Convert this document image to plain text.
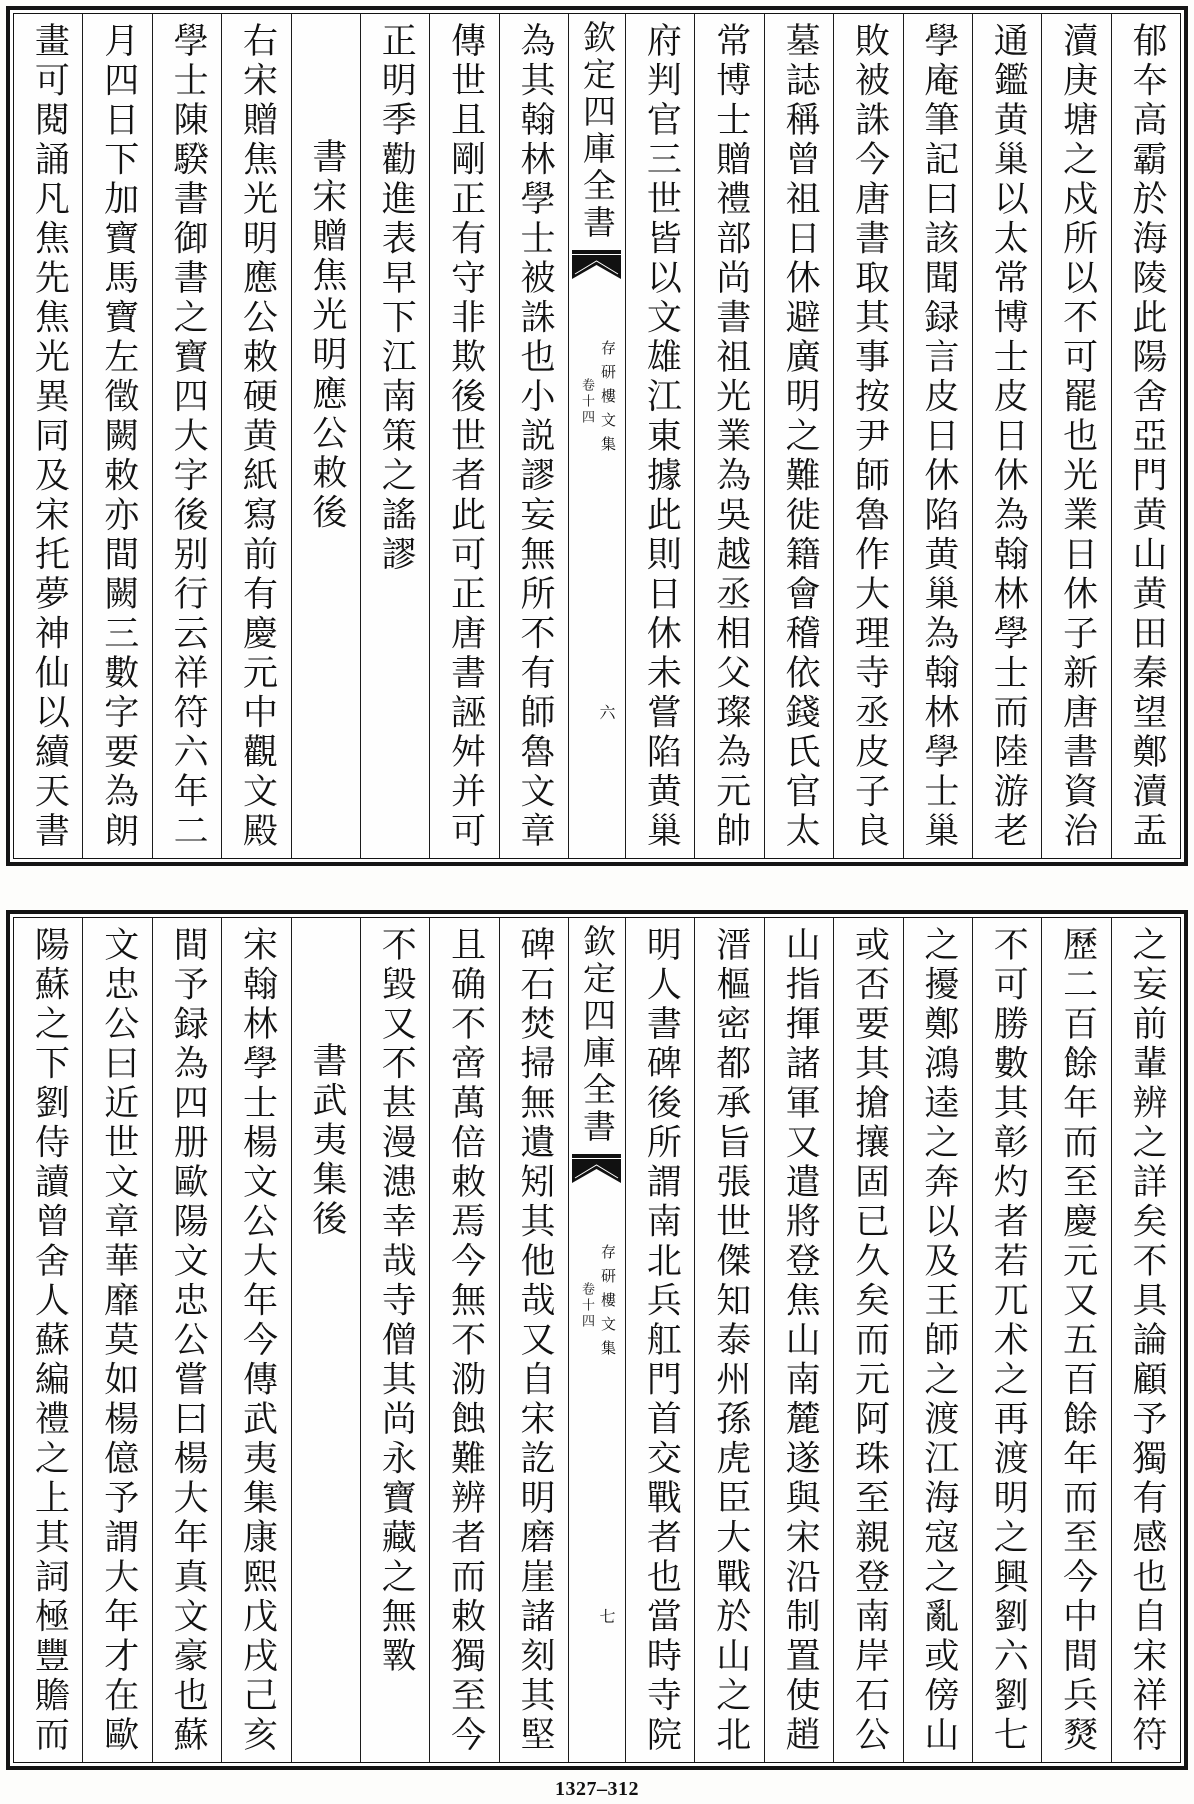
郁夲高霸於海陵此陽舍亞門黄山黄田秦望鄭瀆盂
瀆庚塘之戍所以不可罷也光業日休子新唐書資治
通鑑黄巢以太常博士皮日休為翰林學士而陸游老
學庵筆記曰該聞録言皮日休陷黄巢為翰林學士巢
敗被誅今唐書取其事按尹師魯作大理寺丞皮子良
墓誌稱曾祖日休避廣明之難徙籍會稽依錢氏官太
常博士贈禮部尚書祖光業為吳越丞相父璨為元帥
府判官三世皆以文雄江東據此則日休未嘗陷黄巢
欽定四庫全書
存研樓文集
卷十四
六
為其翰林學士被誅也小説謬妄無所不有師魯文章
傳世且剛正有守非欺後世者此可正唐書誣舛并可
正明季勸進表早下江南策之謠謬
書宋贈焦光明應公敕後
右宋贈焦光明應公敕硬黄紙寫前有慶元中觀文殿
學士陳騤書御書之寶四大字後别行云祥符六年二
月四日下加寶馬寶左徵闕敕亦間闕三數字要為朗
畫可閱誦凡焦先焦光異同及宋托夢神仙以續天書
之妄前輩辨之詳矣不具論顧予獨有感也自宋祥符
歷二百餘年而至慶元又五百餘年而至今中間兵燹
不可勝數其彰灼者若兀术之再渡明之興劉六劉七
之擾鄭鴻逵之奔以及王師之渡江海寇之亂或傍山
或否要其搶攘固已久矣而元阿珠至親登南岸石公
山指揮諸軍又遣將登焦山南麓遂與宋沿制置使趙
溍樞密都承旨張世傑知泰州孫虎臣大戰於山之北
明人書碑後所謂南北兵舡門首交戰者也當時寺院
欽定四庫全書
存研樓文集
卷十四
七
碑石焚掃無遺矧其他哉又自宋訖明磨崖諸刻其堅
且确不啻萬倍敕焉今無不泐蝕難辨者而敕獨至今
不毀又不甚漫漶幸哉寺僧其尚永寶藏之無斁
書武夷集後
宋翰林學士楊文公大年今傳武夷集康熙戊戌己亥
間予録為四册歐陽文忠公嘗曰楊大年真文豪也蘇
文忠公曰近世文章華靡莫如楊億予謂大年才在歐
陽蘇之下劉侍讀曾舍人蘇編禮之上其詞極豐贍而
1327–312
